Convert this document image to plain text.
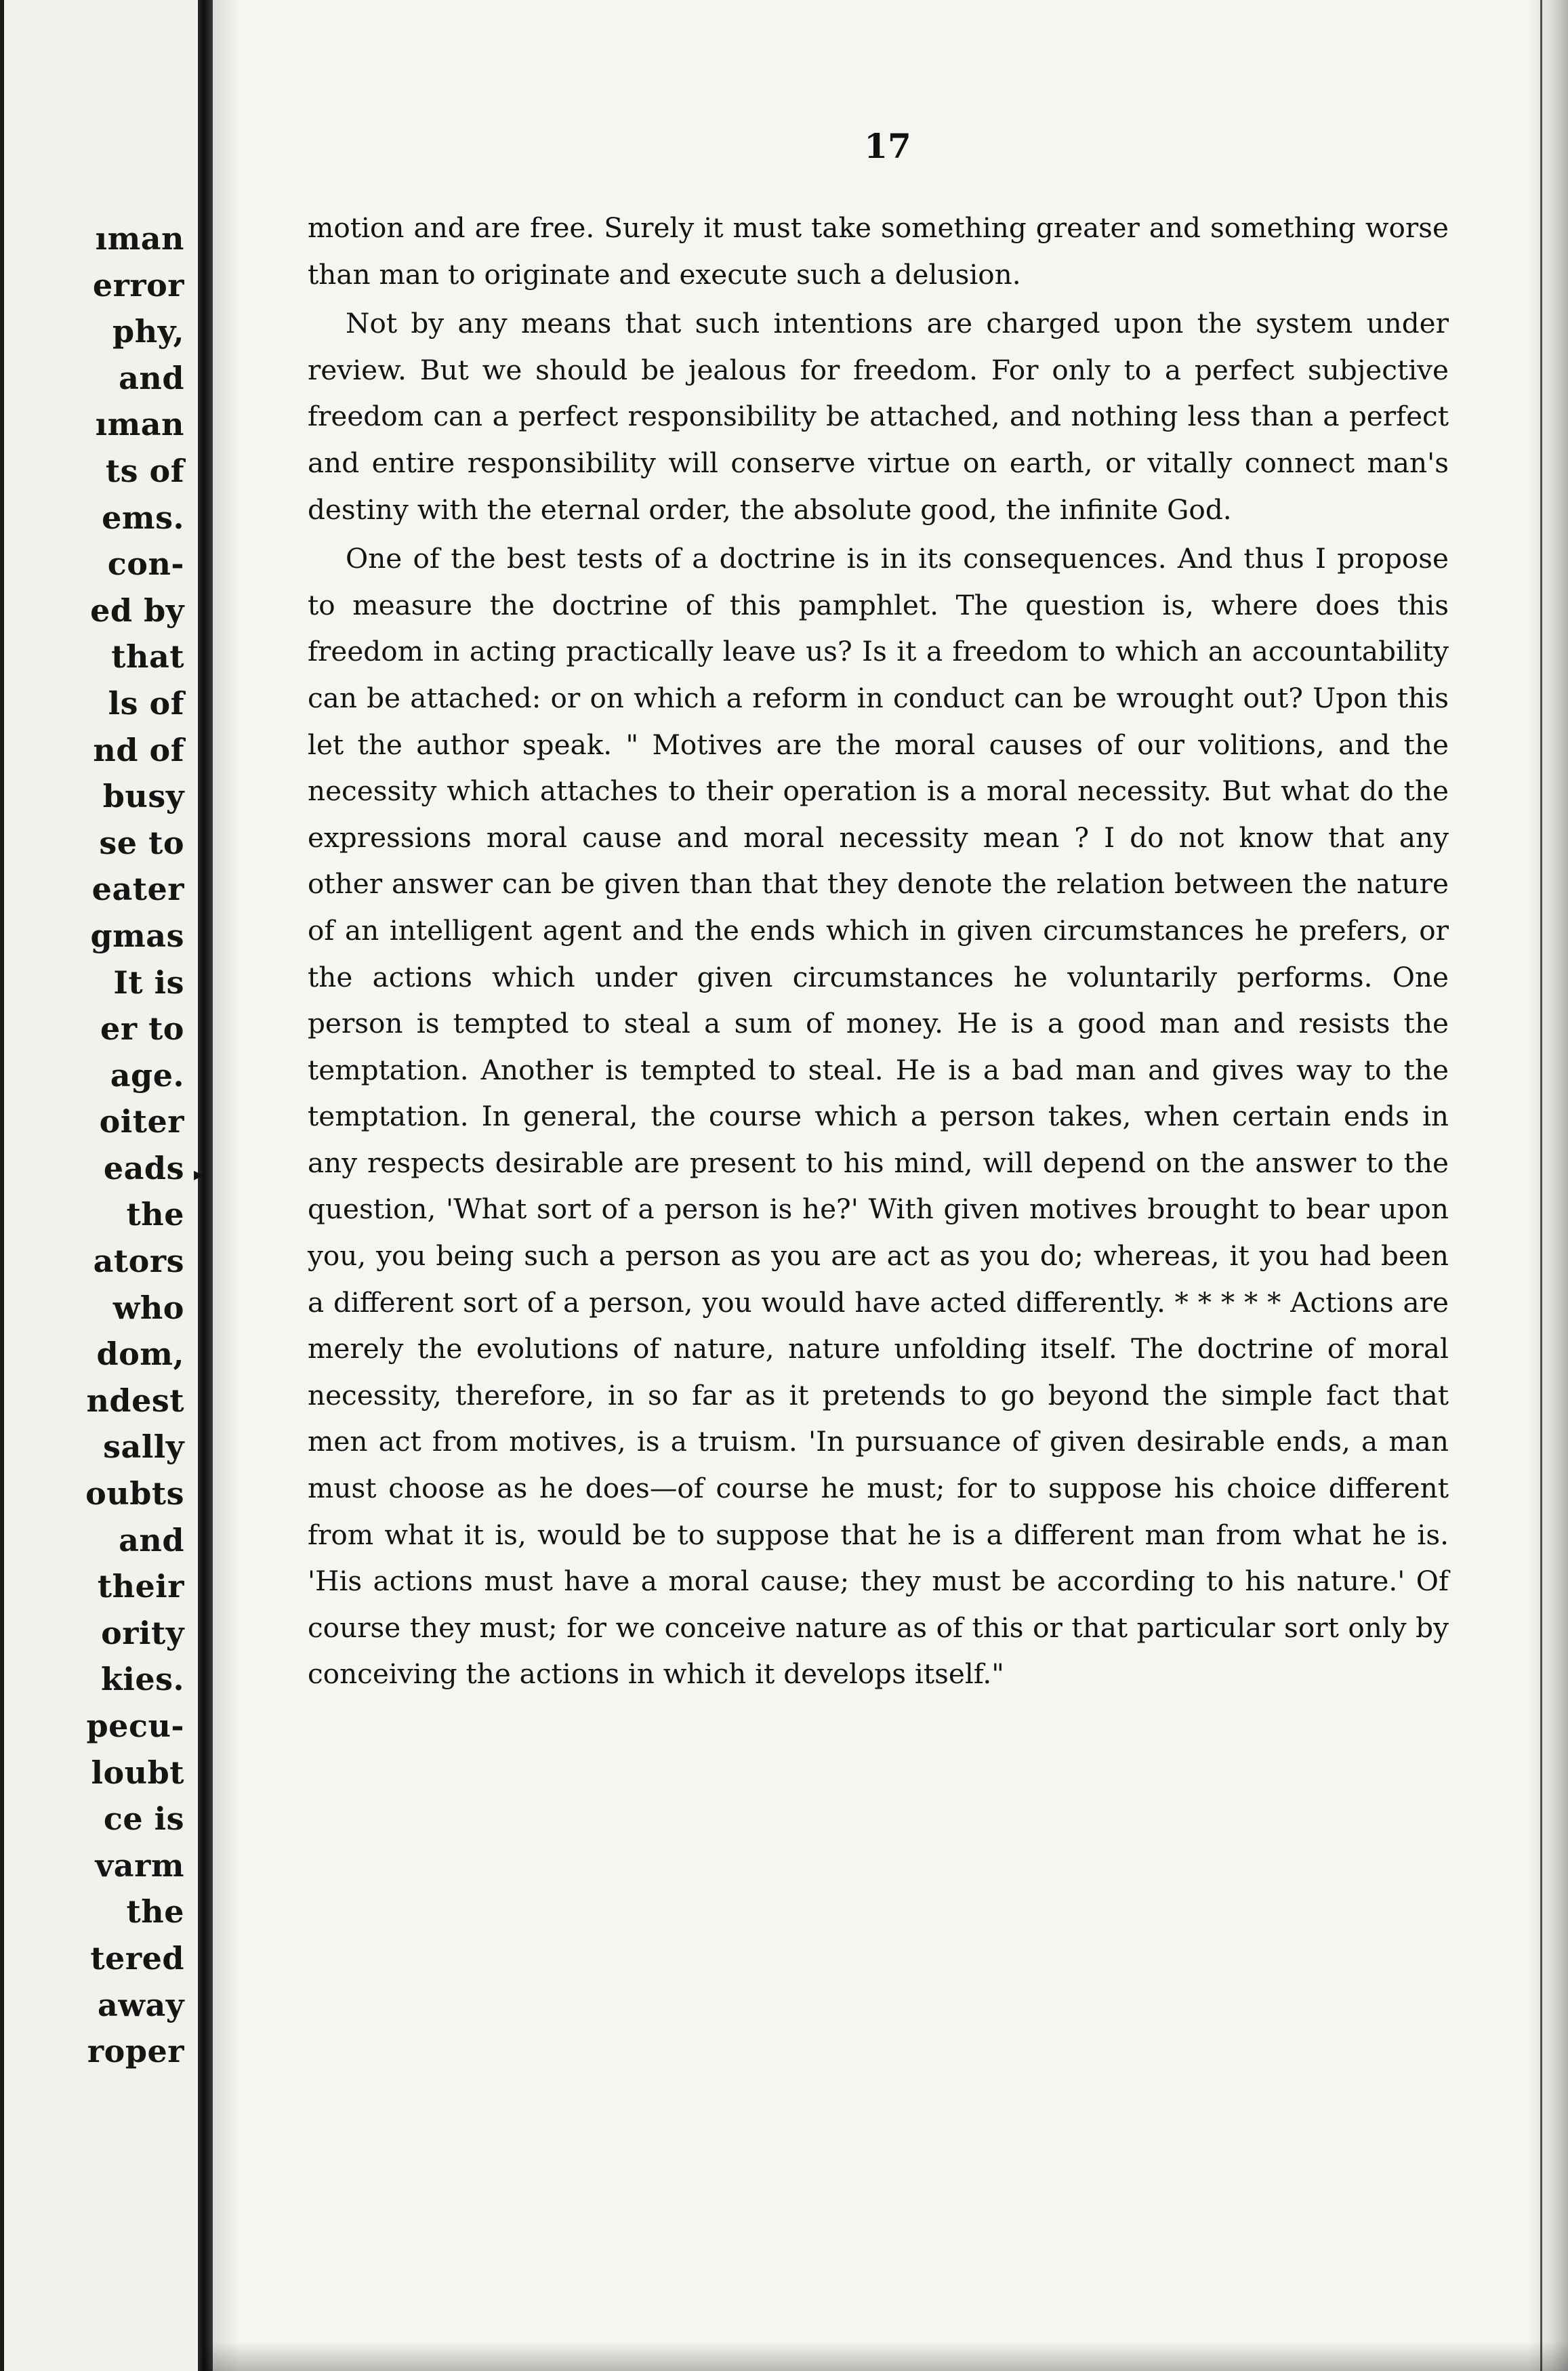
ıman
error
phy,
and
ıman
ts of
ems.
con-
ed by
that
ls of
nd of
busy
se to
eater
gmas
It is
er to
age.
oiter
eads
the
ators
who
dom,
ndest
sally
oubts
and
their
ority
kies.
pecu-
loubt
ce is
varm
the
tered
away
roper
▸
17

motion and are free. Surely it must take something greater and something worse than man to originate and execute such a delusion.

Not by any means that such intentions are charged upon the system under review. But we should be jealous for freedom. For only to a perfect subjective freedom can a perfect responsibility be attached, and nothing less than a perfect and entire responsibility will conserve virtue on earth, or vitally connect man's destiny with the eternal order, the absolute good, the infinite God.

One of the best tests of a doctrine is in its consequences. And thus I propose to measure the doctrine of this pamphlet. The question is, where does this freedom in acting practically leave us? Is it a freedom to which an accountability can be attached: or on which a reform in conduct can be wrought out? Upon this let the author speak. " Motives are the moral causes of our volitions, and the necessity which attaches to their operation is a moral necessity. But what do the expressions moral cause and moral necessity mean ? I do not know that any other answer can be given than that they denote the relation between the nature of an intelligent agent and the ends which in given circumstances he prefers, or the actions which under given circumstances he voluntarily performs. One person is tempted to steal a sum of money. He is a good man and resists the temptation. Another is tempted to steal. He is a bad man and gives way to the temptation. In general, the course which a person takes, when certain ends in any respects desirable are present to his mind, will depend on the answer to the question, 'What sort of a person is he?' With given motives brought to bear upon you, you being such a person as you are act as you do; whereas, it you had been a different sort of a person, you would have acted differently. * * * * * Actions are merely the evolutions of nature, nature unfolding itself. The doctrine of moral necessity, therefore, in so far as it pretends to go beyond the simple fact that men act from motives, is a truism. 'In pursuance of given desirable ends, a man must choose as he does—of course he must; for to suppose his choice different from what it is, would be to suppose that he is a different man from what he is. 'His actions must have a moral cause; they must be according to his nature.' Of course they must; for we conceive nature as of this or that particular sort only by conceiving the actions in which it develops itself."
